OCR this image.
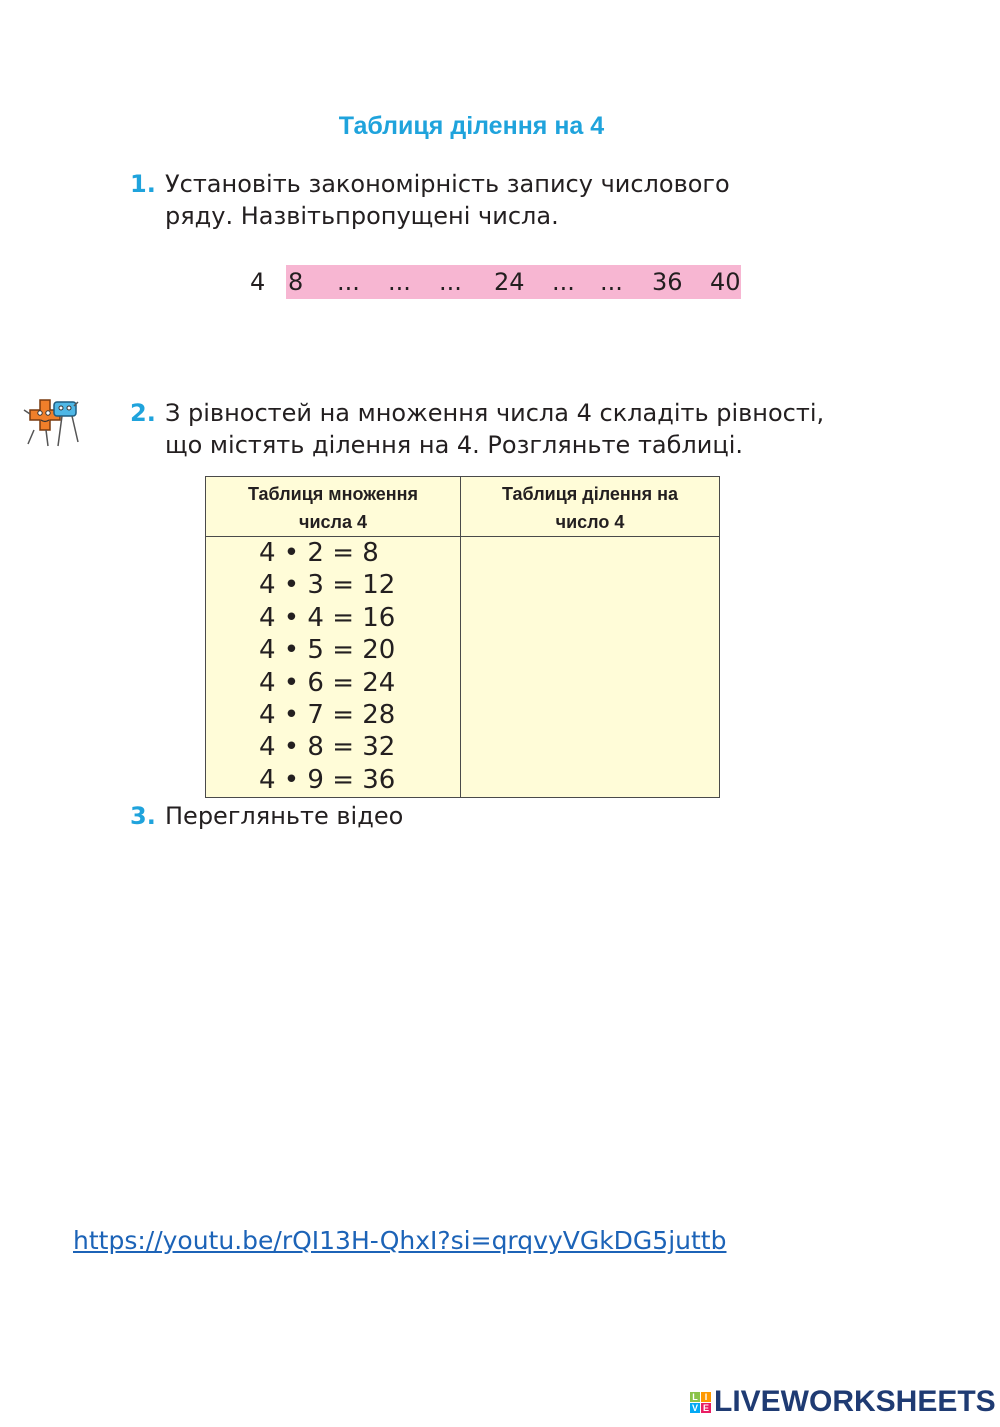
Таблиця ділення на 4
1. Установіть закономірність запису числового
ряду. Назвітьпропущені числа.
4 8 ... ... ... 24 ... ... 36 40
2. З рівностей на множення числа 4 складіть рівності,
що містять ділення на 4. Розгляньте таблиці.
Таблиця множення
числа 4
Таблиця ділення на
число 4
4 • 2 = 8
4 • 3 = 12
4 • 4 = 16
4 • 5 = 20
4 • 6 = 24
4 • 7 = 28
4 • 8 = 32
4 • 9 = 36
3. Перегляньте відео
https://youtu.be/rQI13H-QhxI?si=qrqvyVGkDG5juttb
L I
V E LIVEWORKSHEETS
